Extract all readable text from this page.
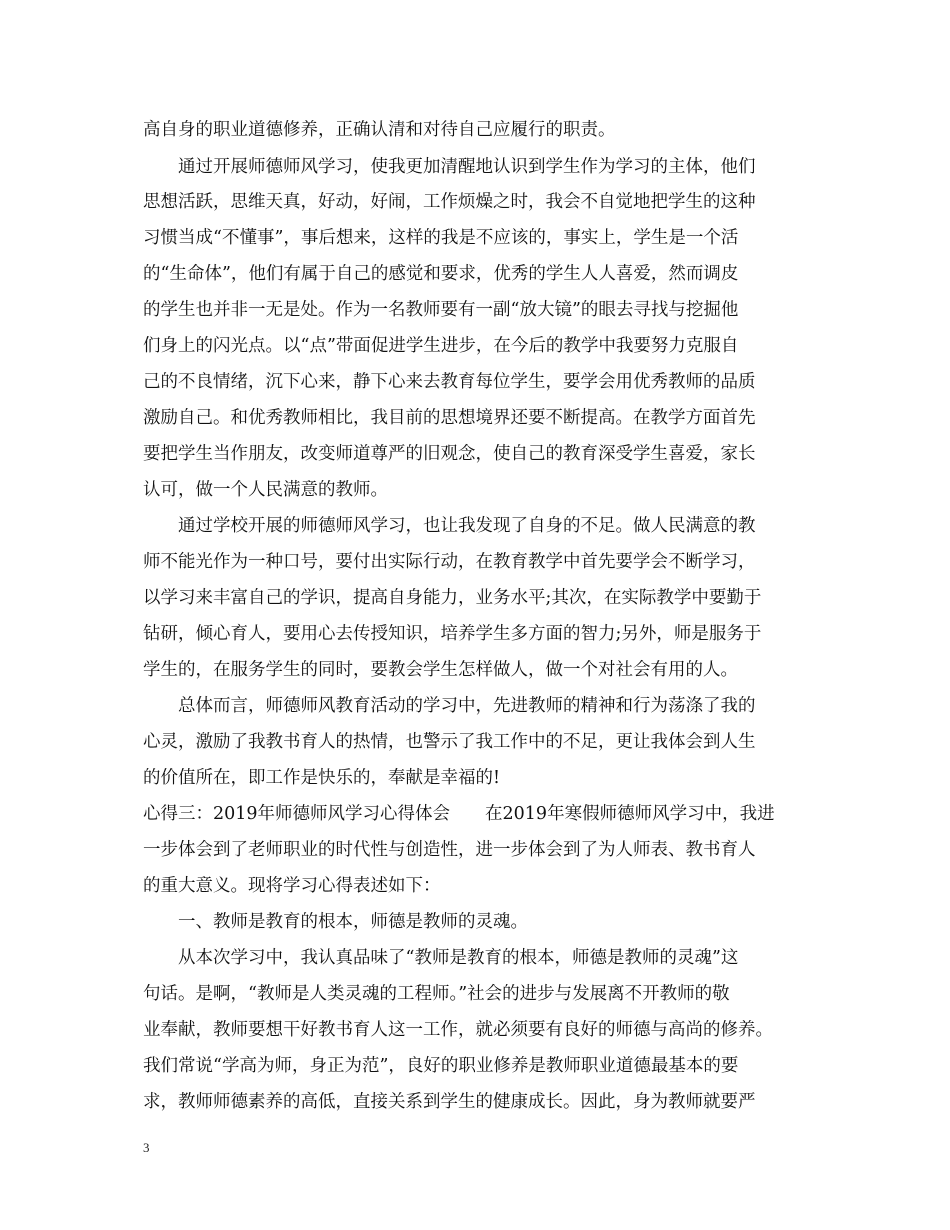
高自身的职业道德修养，正确认清和对待自己应履行的职责。
通过开展师德师风学习，使我更加清醒地认识到学生作为学习的主体，他们
思想活跃，思维天真，好动，好闹，工作烦燥之时，我会不自觉地把学生的这种
习惯当成“不懂事”，事后想来，这样的我是不应该的，事实上，学生是一个活
的“生命体”，他们有属于自己的感觉和要求，优秀的学生人人喜爱，然而调皮
的学生也并非一无是处。作为一名教师要有一副“放大镜”的眼去寻找与挖掘他
们身上的闪光点。以“点”带面促进学生进步，在今后的教学中我要努力克服自
己的不良情绪，沉下心来，静下心来去教育每位学生，要学会用优秀教师的品质
激励自己。和优秀教师相比，我目前的思想境界还要不断提高。在教学方面首先
要把学生当作朋友，改变师道尊严的旧观念，使自己的教育深受学生喜爱，家长
认可，做一个人民满意的教师。
通过学校开展的师德师风学习，也让我发现了自身的不足。做人民满意的教
师不能光作为一种口号，要付出实际行动，在教育教学中首先要学会不断学习，
以学习来丰富自己的学识，提高自身能力，业务水平;其次，在实际教学中要勤于
钻研，倾心育人，要用心去传授知识，培养学生多方面的智力;另外，师是服务于
学生的，在服务学生的同时，要教会学生怎样做人，做一个对社会有用的人。
总体而言，师德师风教育活动的学习中，先进教师的精神和行为荡涤了我的
心灵，激励了我教书育人的热情，也警示了我工作中的不足，更让我体会到人生
的价值所在，即工作是快乐的，奉献是幸福的!
心得三：2019年师德师风学习心得体会　　在2019年寒假师德师风学习中，我进
一步体会到了老师职业的时代性与创造性，进一步体会到了为人师表、教书育人
的重大意义。现将学习心得表述如下：
一、教师是教育的根本，师德是教师的灵魂。
从本次学习中，我认真品味了“教师是教育的根本，师德是教师的灵魂”这
句话。是啊，“教师是人类灵魂的工程师。”社会的进步与发展离不开教师的敬
业奉献，教师要想干好教书育人这一工作，就必须要有良好的师德与高尚的修养。
我们常说“学高为师，身正为范”，良好的职业修养是教师职业道德最基本的要
求，教师师德素养的高低，直接关系到学生的健康成长。因此，身为教师就要严
3
